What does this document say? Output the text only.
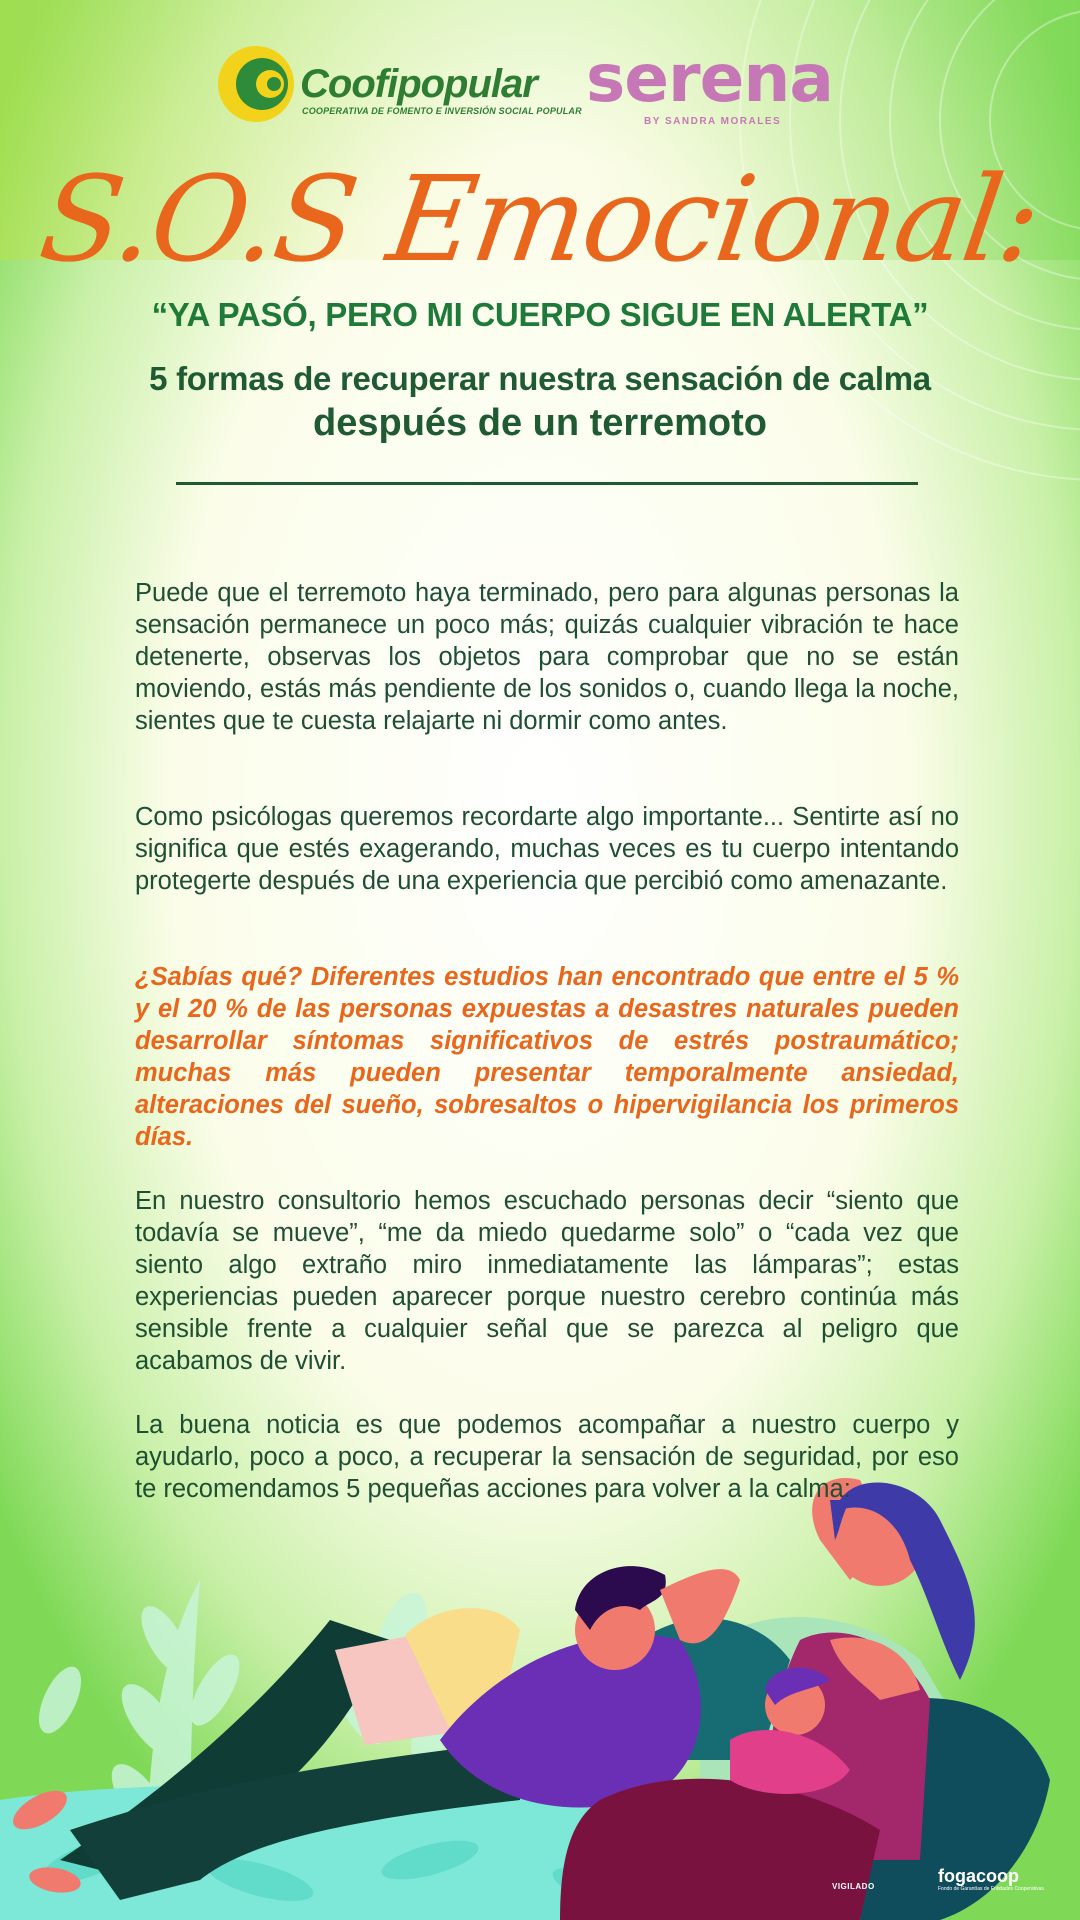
Coofipopular
COOPERATIVA DE FOMENTO E INVERSIÓN SOCIAL POPULAR serena
BY SANDRA MORALES
S.O.S Emocional:
“YA PASÓ, PERO MI CUERPO SIGUE EN ALERTA”
5 formas de recuperar nuestra sensación de calma
después de un terremoto

Puede que el terremoto haya terminado, pero para algunas personas la sensación permanece un poco más; quizás cualquier vibración te hace detenerte, observas los objetos para comprobar que no se están moviendo, estás más pendiente de los sonidos o, cuando llega la noche, sientes que te cuesta relajarte ni dormir como antes.

Como psicólogas queremos recordarte algo importante... Sentirte así no significa que estés exagerando, muchas veces es tu cuerpo intentando protegerte después de una experiencia que percibió como amenazante.

¿Sabías qué? Diferentes estudios han encontrado que entre el 5 % y el 20 % de las personas expuestas a desastres naturales pueden desarrollar síntomas significativos de estrés postraumático; muchas más pueden presentar temporalmente ansiedad, alteraciones del sueño, sobresaltos o hipervigilancia los primeros días.

En nuestro consultorio hemos escuchado personas decir “siento que todavía se mueve”, “me da miedo quedarme solo” o “cada vez que siento algo extraño miro inmediatamente las lámparas”; estas experiencias pueden aparecer porque nuestro cerebro continúa más sensible frente a cualquier señal que se parezca al peligro que acabamos de vivir.

La buena noticia es que podemos acompañar a nuestro cuerpo y ayudarlo, poco a poco, a recuperar la sensación de seguridad, por eso te recomendamos 5 pequeñas acciones para volver a la calma:

VIGILADO
fogacoop
Fondo de Garantías de Entidades Cooperativas
